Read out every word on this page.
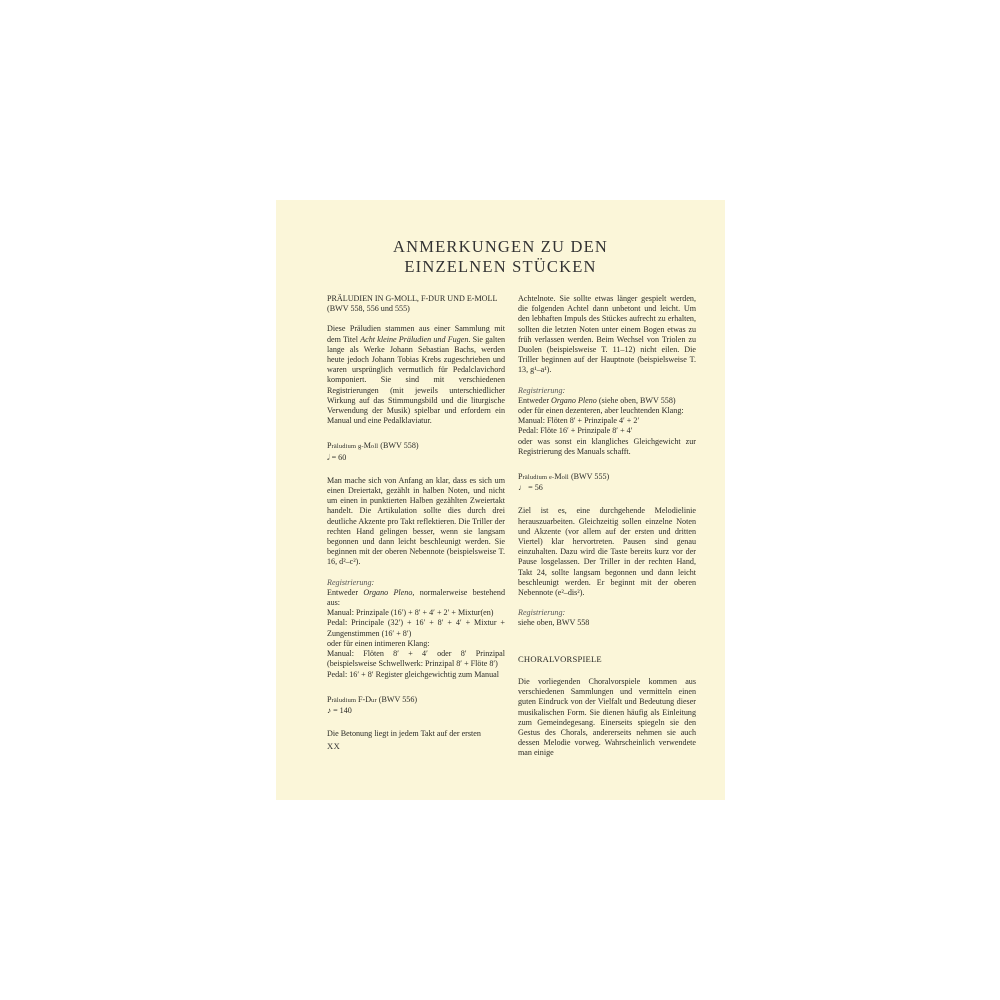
ANMERKUNGEN ZU DEN
EINZELNEN STÜCKEN

PRÄLUDIEN IN G-MOLL, F-DUR UND E-MOLL
(BWV 558, 556 und 555)

Diese Präludien stammen aus einer Sammlung mit dem Titel Acht kleine Präludien und Fugen. Sie galten lange als Werke Johann Sebastian Bachs, werden heute jedoch Johann Tobias Krebs zugeschrieben und waren ursprünglich vermutlich für Pedalclavichord komponiert. Sie sind mit verschiedenen Registrierungen (mit jeweils unterschiedlicher Wirkung auf das Stimmungsbild und die liturgische Verwendung der Musik) spielbar und erfordern ein Manual und eine Pedalklaviatur.

Präludium g-Moll (BWV 558)

𝅗𝅥 = 60

Man mache sich von Anfang an klar, dass es sich um einen Dreiertakt, gezählt in halben Noten, und nicht um einen in punktierten Halben gezählten Zweiertakt handelt. Die Artikulation sollte dies durch drei deutliche Akzente pro Takt reflektieren. Die Triller der rechten Hand gelingen besser, wenn sie langsam begonnen und dann leicht beschleunigt werden. Sie beginnen mit der oberen Nebennote (beispielsweise T. 16, d²–c²).

Registrierung:

Entweder Organo Pleno, normalerweise bestehend aus:

Manual: Prinzipale (16′) + 8′ + 4′ + 2′ + Mixtur(en)

Pedal: Principale (32′) + 16′ + 8′ + 4′ + Mixtur + Zungenstimmen (16′ + 8′)

oder für einen intimeren Klang:

Manual: Flöten 8′ + 4′ oder 8′ Prinzipal (beispielsweise Schwellwerk: Prinzipal 8′ + Flöte 8′)

Pedal: 16′ + 8′ Register gleichgewichtig zum Manual

Präludium F-Dur (BWV 556)

♪ = 140

Die Betonung liegt in jedem Takt auf der ersten

Achtelnote. Sie sollte etwas länger gespielt werden, die folgenden Achtel dann unbetont und leicht. Um den lebhaften Impuls des Stückes aufrecht zu erhalten, sollten die letzten Noten unter einem Bogen etwas zu früh verlassen werden. Beim Wechsel von Triolen zu Duolen (beispielsweise T. 11–12) nicht eilen. Die Triller beginnen auf der Hauptnote (beispielsweise T. 13, g¹–a¹).

Registrierung:

Entweder Organo Pleno (siehe oben, BWV 558)

oder für einen dezenteren, aber leuchtenden Klang:

Manual: Flöten 8′ + Prinzipale 4′ + 2′

Pedal: Flöte 16′ + Prinzipale 8′ + 4′

oder was sonst ein klangliches Gleichgewicht zur Registrierung des Manuals schafft.

Präludium e-Moll (BWV 555)

♩ = 56

Ziel ist es, eine durchgehende Melodielinie herauszuarbeiten. Gleichzeitig sollen einzelne Noten und Akzente (vor allem auf der ersten und dritten Viertel) klar hervortreten. Pausen sind genau einzuhalten. Dazu wird die Taste bereits kurz vor der Pause losgelassen. Der Triller in der rechten Hand, Takt 24, sollte langsam begonnen und dann leicht beschleunigt werden. Er beginnt mit der oberen Nebennote (e²–dis²).

Registrierung:

siehe oben, BWV 558

CHORALVORSPIELE

Die vorliegenden Choralvorspiele kommen aus verschiedenen Sammlungen und vermitteln einen guten Eindruck von der Vielfalt und Bedeutung dieser musikalischen Form. Sie dienen häufig als Einleitung zum Gemeindegesang. Einerseits spiegeln sie den Gestus des Chorals, andererseits nehmen sie auch dessen Melodie vorweg. Wahrscheinlich verwendete man einige

XX
